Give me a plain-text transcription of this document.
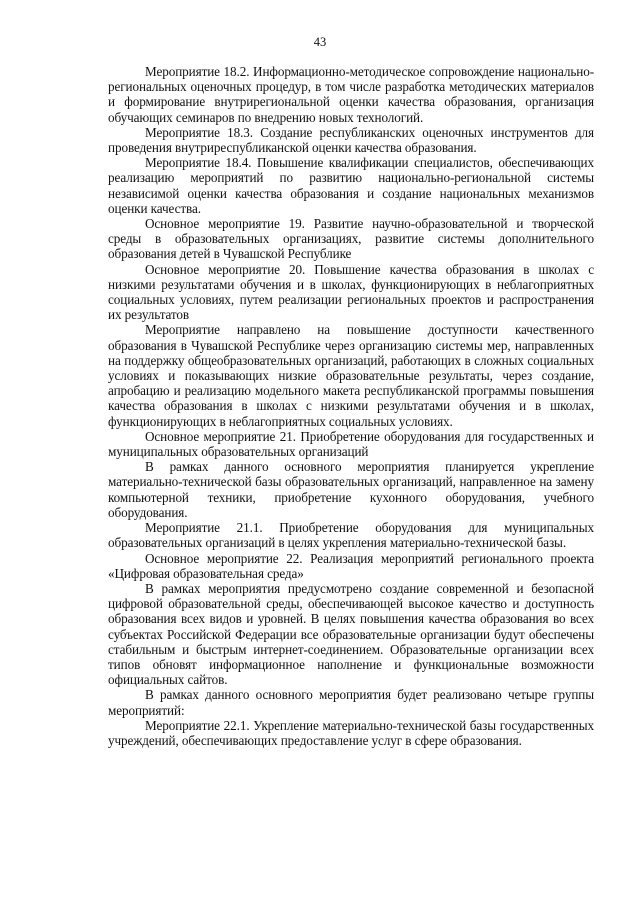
43

Мероприятие 18.2. Информационно-методическое сопровождение национально-региональных оценочных процедур, в том числе разработка методических материалов и формирование внутрирегиональной оценки качества образования, организация обучающих семинаров по внедрению новых технологий.

Мероприятие 18.3. Создание республиканских оценочных инструментов для проведения внутриреспубликанской оценки качества образования.

Мероприятие 18.4. Повышение квалификации специалистов, обеспечивающих реализацию мероприятий по развитию национально-региональной системы независимой оценки качества образования и создание национальных механизмов оценки качества.

Основное мероприятие 19. Развитие научно-образовательной и творческой среды в образовательных организациях, развитие системы дополнительного образования детей в Чувашской Республике

Основное мероприятие 20. Повышение качества образования в школах с низкими результатами обучения и в школах, функционирующих в неблагоприятных социальных условиях, путем реализации региональных проектов и распространения их результатов

Мероприятие направлено на повышение доступности качественного образования в Чувашской Республике через организацию системы мер, направленных на поддержку общеобразовательных организаций, работающих в сложных социальных условиях и показывающих низкие образовательные результаты, через создание, апробацию и реализацию модельного макета республиканской программы повышения качества образования в школах с низкими результатами обучения и в школах, функционирующих в неблагоприятных социальных условиях.

Основное мероприятие 21. Приобретение оборудования для государственных и муниципальных образовательных организаций

В рамках данного основного мероприятия планируется укрепление материально-технической базы образовательных организаций, направленное на замену компьютерной техники, приобретение кухонного оборудования, учебного оборудования.

Мероприятие 21.1. Приобретение оборудования для муниципальных образовательных организаций в целях укрепления материально-технической базы.

Основное мероприятие 22. Реализация мероприятий регионального проекта «Цифровая образовательная среда»

В рамках мероприятия предусмотрено создание современной и безопасной цифровой образовательной среды, обеспечивающей высокое качество и доступность образования всех видов и уровней. В целях повышения качества образования во всех субъектах Российской Федерации все образовательные организации будут обеспечены стабильным и быстрым интернет-соединением. Образовательные организации всех типов обновят информационное наполнение и функциональные возможности официальных сайтов.

В рамках данного основного мероприятия будет реализовано четыре группы мероприятий:

Мероприятие 22.1. Укрепление материально-технической базы государственных учреждений, обеспечивающих предоставление услуг в сфере образования.
